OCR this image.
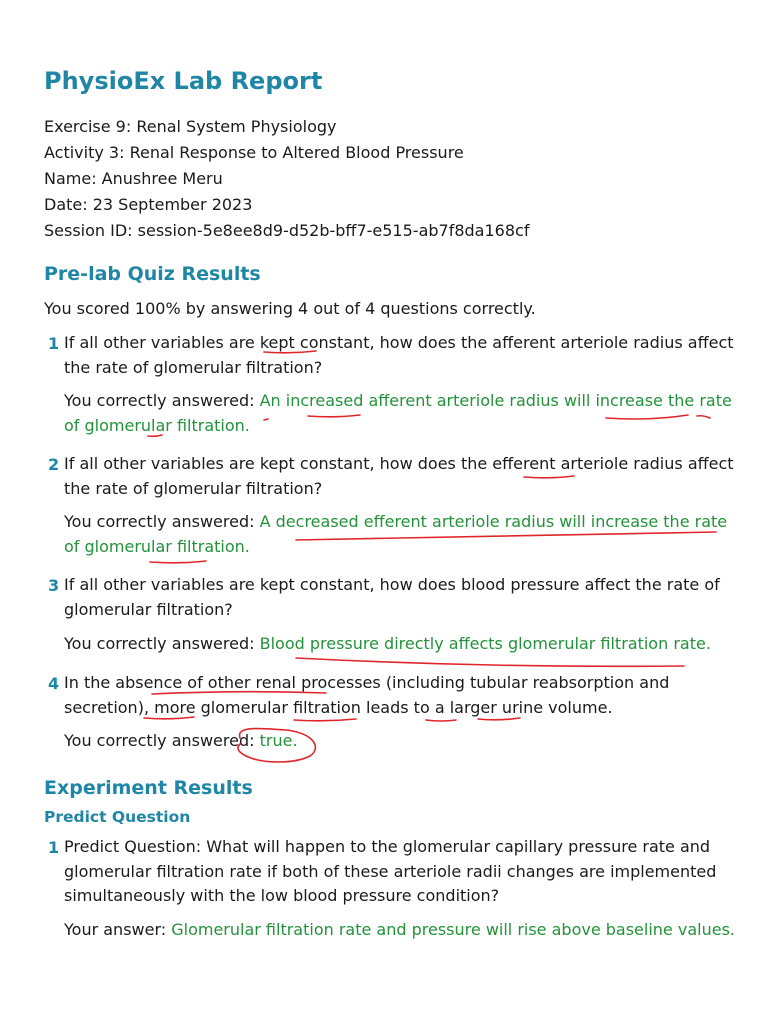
PhysioEx Lab Report
Exercise 9: Renal System Physiology
Activity 3: Renal Response to Altered Blood Pressure
Name: Anushree Meru
Date: 23 September 2023
Session ID: session-5e8ee8d9-d52b-bff7-e515-ab7f8da168cf
Pre-lab Quiz Results
You scored 100% by answering 4 out of 4 questions correctly.
1 If all other variables are kept constant, how does the afferent arteriole radius affect the rate of glomerular filtration?
You correctly answered: An increased afferent arteriole radius will increase the rate of glomerular filtration.
2 If all other variables are kept constant, how does the efferent arteriole radius affect the rate of glomerular filtration?
You correctly answered: A decreased efferent arteriole radius will increase the rate of glomerular filtration.
3 If all other variables are kept constant, how does blood pressure affect the rate of glomerular filtration?
You correctly answered: Blood pressure directly affects glomerular filtration rate.
4 In the absence of other renal processes (including tubular reabsorption and secretion), more glomerular filtration leads to a larger urine volume.
You correctly answered: true.
Experiment Results
Predict Question
1 Predict Question: What will happen to the glomerular capillary pressure rate and glomerular filtration rate if both of these arteriole radii changes are implemented simultaneously with the low blood pressure condition?
Your answer: Glomerular filtration rate and pressure will rise above baseline values.
